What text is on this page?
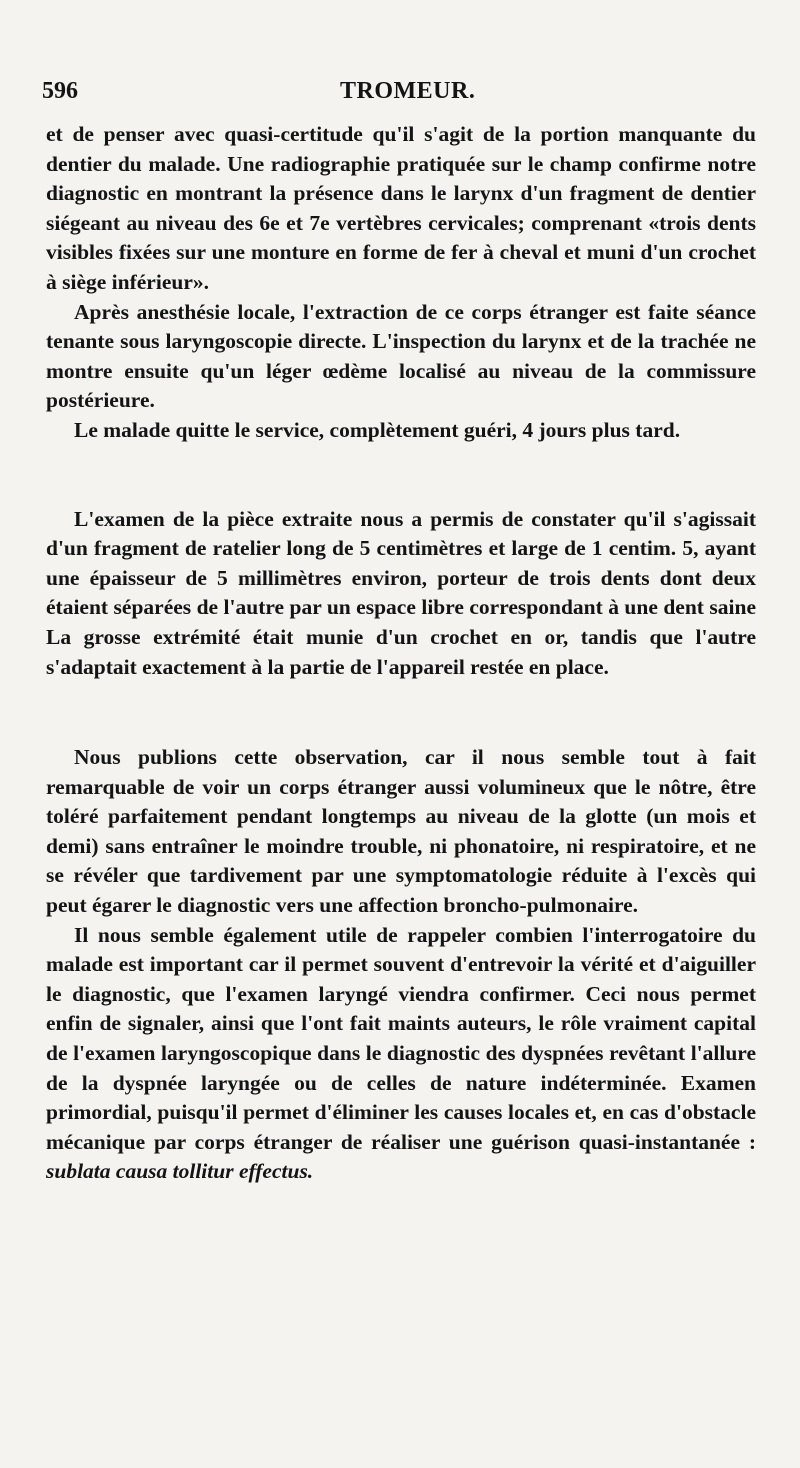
596	TROMEUR.

et de penser avec quasi-certitude qu'il s'agit de la portion manquante du dentier du malade. Une radiographie pratiquée sur le champ confirme notre diagnostic en montrant la présence dans le larynx d'un fragment de dentier siégeant au niveau des 6e et 7e vertèbres cervicales; comprenant «trois dents visibles fixées sur une monture en forme de fer à cheval et muni d'un crochet à siège inférieur».

Après anesthésie locale, l'extraction de ce corps étranger est faite séance tenante sous laryngoscopie directe. L'inspection du larynx et de la trachée ne montre ensuite qu'un léger œdème localisé au niveau de la commissure postérieure.

Le malade quitte le service, complètement guéri, 4 jours plus tard.

L'examen de la pièce extraite nous a permis de constater qu'il s'agissait d'un fragment de ratelier long de 5 centimètres et large de 1 centim. 5, ayant une épaisseur de 5 millimètres environ, porteur de trois dents dont deux étaient séparées de l'autre par un espace libre correspondant à une dent saine La grosse extrémité était munie d'un crochet en or, tandis que l'autre s'adaptait exactement à la partie de l'appareil restée en place.

Nous publions cette observation, car il nous semble tout à fait remarquable de voir un corps étranger aussi volumineux que le nôtre, être toléré parfaitement pendant longtemps au niveau de la glotte (un mois et demi) sans entraîner le moindre trouble, ni phonatoire, ni respiratoire, et ne se révéler que tardivement par une symptomatologie réduite à l'excès qui peut égarer le diagnostic vers une affection broncho-pulmonaire.

Il nous semble également utile de rappeler combien l'interrogatoire du malade est important car il permet souvent d'entrevoir la vérité et d'aiguiller le diagnostic, que l'examen laryngé viendra confirmer. Ceci nous permet enfin de signaler, ainsi que l'ont fait maints auteurs, le rôle vraiment capital de l'examen laryngoscopique dans le diagnostic des dyspnées revêtant l'allure de la dyspnée laryngée ou de celles de nature indéterminée. Examen primordial, puisqu'il permet d'éliminer les causes locales et, en cas d'obstacle mécanique par corps étranger de réaliser une guérison quasi-instantanée : sublata causa tollitur effectus.
